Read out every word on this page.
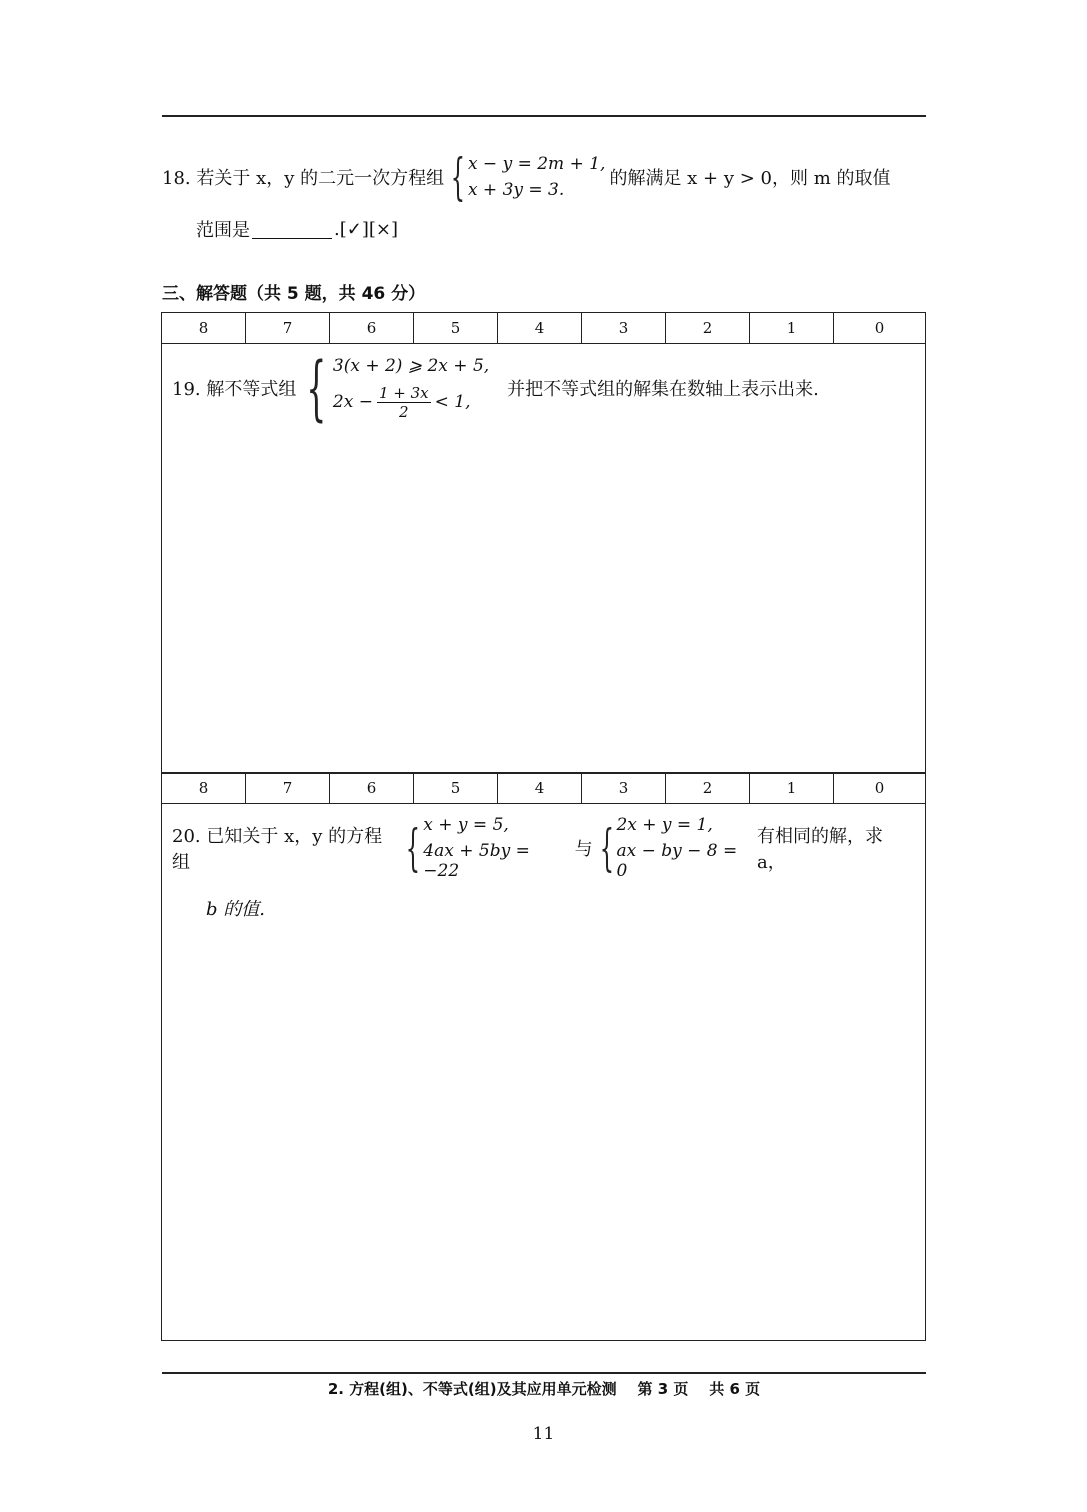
18. 若关于 x，y 的二元一次方程组 { x − y = 2m + 1,
x + 3y = 3.
的解满足 x + y > 0，则 m 的取值
范围是	.[✓][×]
三、解答题（共 5 题，共 46 分）
8	7	6	5	4	3	2	1	0
19. 解不等式组 { 3(x + 2) ⩾ 2x + 5,
$2x - \frac{1 + 3x}{2} < 1$,
并把不等式组的解集在数轴上表示出来.
8	7	6	5	4	3	2	1	0
20. 已知关于 x，y 的方程组	{ x + y = 5,
4ax + 5by = −22
与 { 2x + y = 1,
ax − by − 8 = 0
有相同的解，求 a，
b 的值.
2. 方程(组)、不等式(组)及其应用单元检测    第 3 页    共 6 页
11
